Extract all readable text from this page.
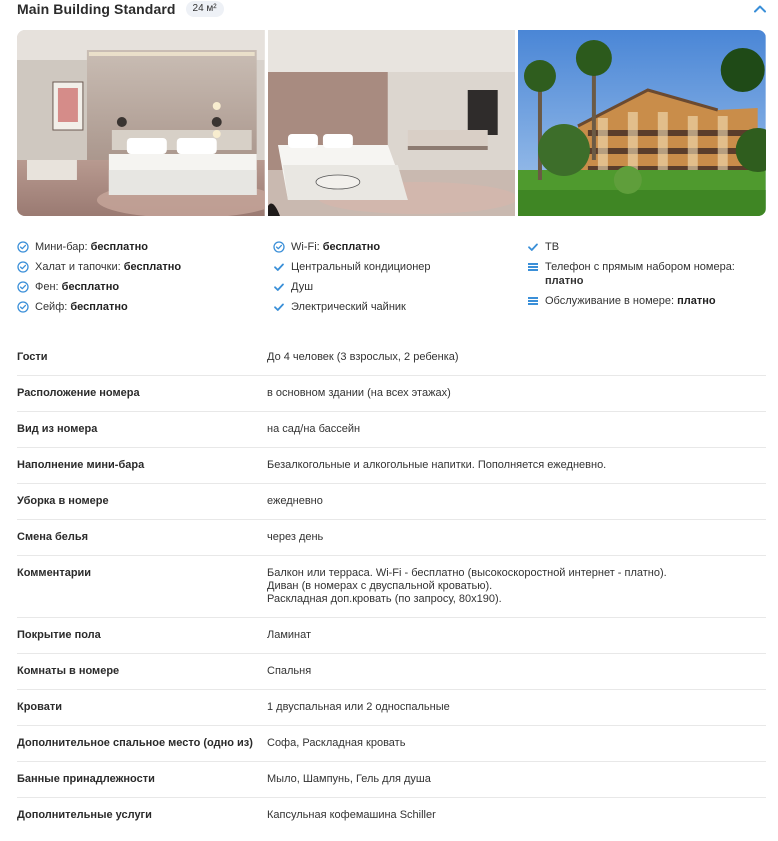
Main Building Standard	24 м²
Мини-бар: бесплатно
Халат и тапочки: бесплатно
Фен: бесплатно
Сейф: бесплатно
Wi-Fi: бесплатно
Центральный кондиционер
Душ
Электрический чайник
ТВ
Телефон с прямым набором номера:
платно
Обслуживание в номере: платно
Гости	До 4 человек (3 взрослых, 2 ребенка)
Расположение номера	в основном здании (на всех этажах)
Вид из номера	на сад/на бассейн
Наполнение мини-бара	Безалкогольные и алкогольные напитки. Пополняется ежедневно.
Уборка в номере	ежедневно
Смена белья	через день
Комментарии	Балкон или терраса. Wi-Fi - бесплатно (высокоскоростной интернет - платно).
Диван (в номерах с двуспальной кроватью).
Раскладная доп.кровать (по запросу, 80x190).
Покрытие пола	Ламинат
Комнаты в номере	Спальня
Кровати	1 двуспальная или 2 односпальные
Дополнительное спальное место (одно из)	Софа, Раскладная кровать
Банные принадлежности	Мыло, Шампунь, Гель для душа
Дополнительные услуги	Капсульная кофемашина Schiller
